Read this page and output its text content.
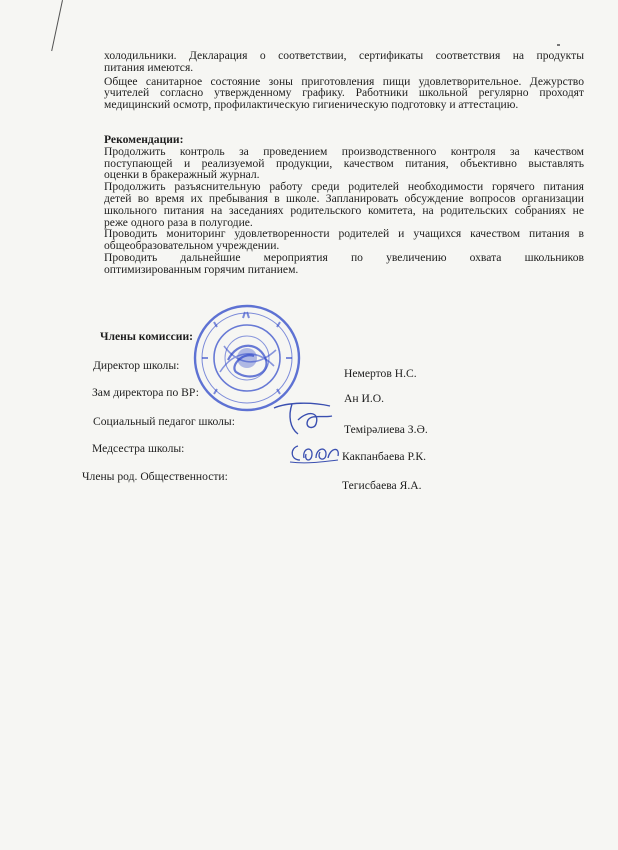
холодильники. Декларация о соответствии, сертификаты соответствия на продукты

питания имеются.

Общее санитарное состояние зоны приготовления пищи удовлетворительное. Дежурство

учителей согласно утвержденному графику. Работники школьной регулярно проходят

медицинский осмотр, профилактическую гигиеническую подготовку и аттестацию.

Рекомендации:

Продолжить контроль за проведением производственного контроля за качеством

поступающей и реализуемой продукции, качеством питания, объективно выставлять

оценки в бракеражный журнал.

Продолжить разъяснительную работу среди родителей необходимости горячего питания

детей во время их пребывания в школе. Запланировать обсуждение вопросов организации

школьного питания на заседаниях родительского комитета, на родительских собраниях не

реже одного раза в полугодие.

Проводить мониторинг удовлетворенности родителей и учащихся качеством питания в

общеобразовательном учреждении.

Проводить дальнейшие мероприятия по увеличению охвата школьников

оптимизированным горячим питанием.

Члены комиссии:
Директор школы:
Немертов Н.С.
Зам директора по ВР:	Ан И.О.
Социальный педагог школы:
Темірәлиева З.Ә.
Медсестра школы:
Какпанбаева Р.К.
Члены род. Общественности:
Тегисбаева Я.А.
